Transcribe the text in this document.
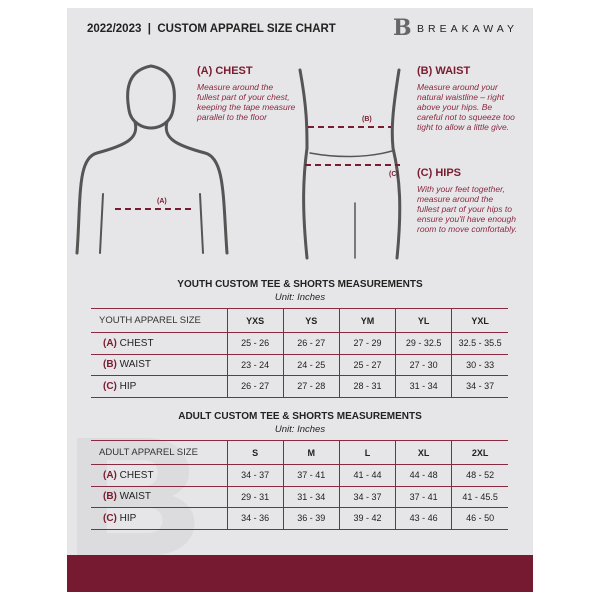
2022/2023  |  CUSTOM APPAREL SIZE CHART	B BREAKAWAY
(A)
(B)
(C)
(A) CHEST
Measure around the fullest part of your chest, keeping the tape measure parallel to the floor
(B) WAIST
Measure around your natural waistline – right above your hips. Be careful not to squeeze too tight to allow a little give.
(C) HIPS
With your feet together, measure around the fullest part of your hips to ensure you'll have enough room to move comfortably.
YOUTH CUSTOM TEE & SHORTS MEASUREMENTS
Unit: Inches
YOUTH APPAREL SIZE	YXS	YS	YM	YL	YXL
(A) CHEST	25 - 26	26 - 27	27 - 29	29 - 32.5	32.5 - 35.5
(B) WAIST	23 - 24	24 - 25	25 - 27	27 - 30	30 - 33
(C) HIP	26 - 27	27 - 28	28 - 31	31 - 34	34 - 37
ADULT CUSTOM TEE & SHORTS MEASUREMENTS
Unit: Inches
ADULT APPAREL SIZE	S	M	L	XL	2XL
(A) CHEST	34 - 37	37 - 41	41 - 44	44 - 48	48 - 52
(B) WAIST	29 - 31	31 - 34	34 - 37	37 - 41	41 - 45.5
(C) HIP	34 - 36	36 - 39	39 - 42	43 - 46	46 - 50
